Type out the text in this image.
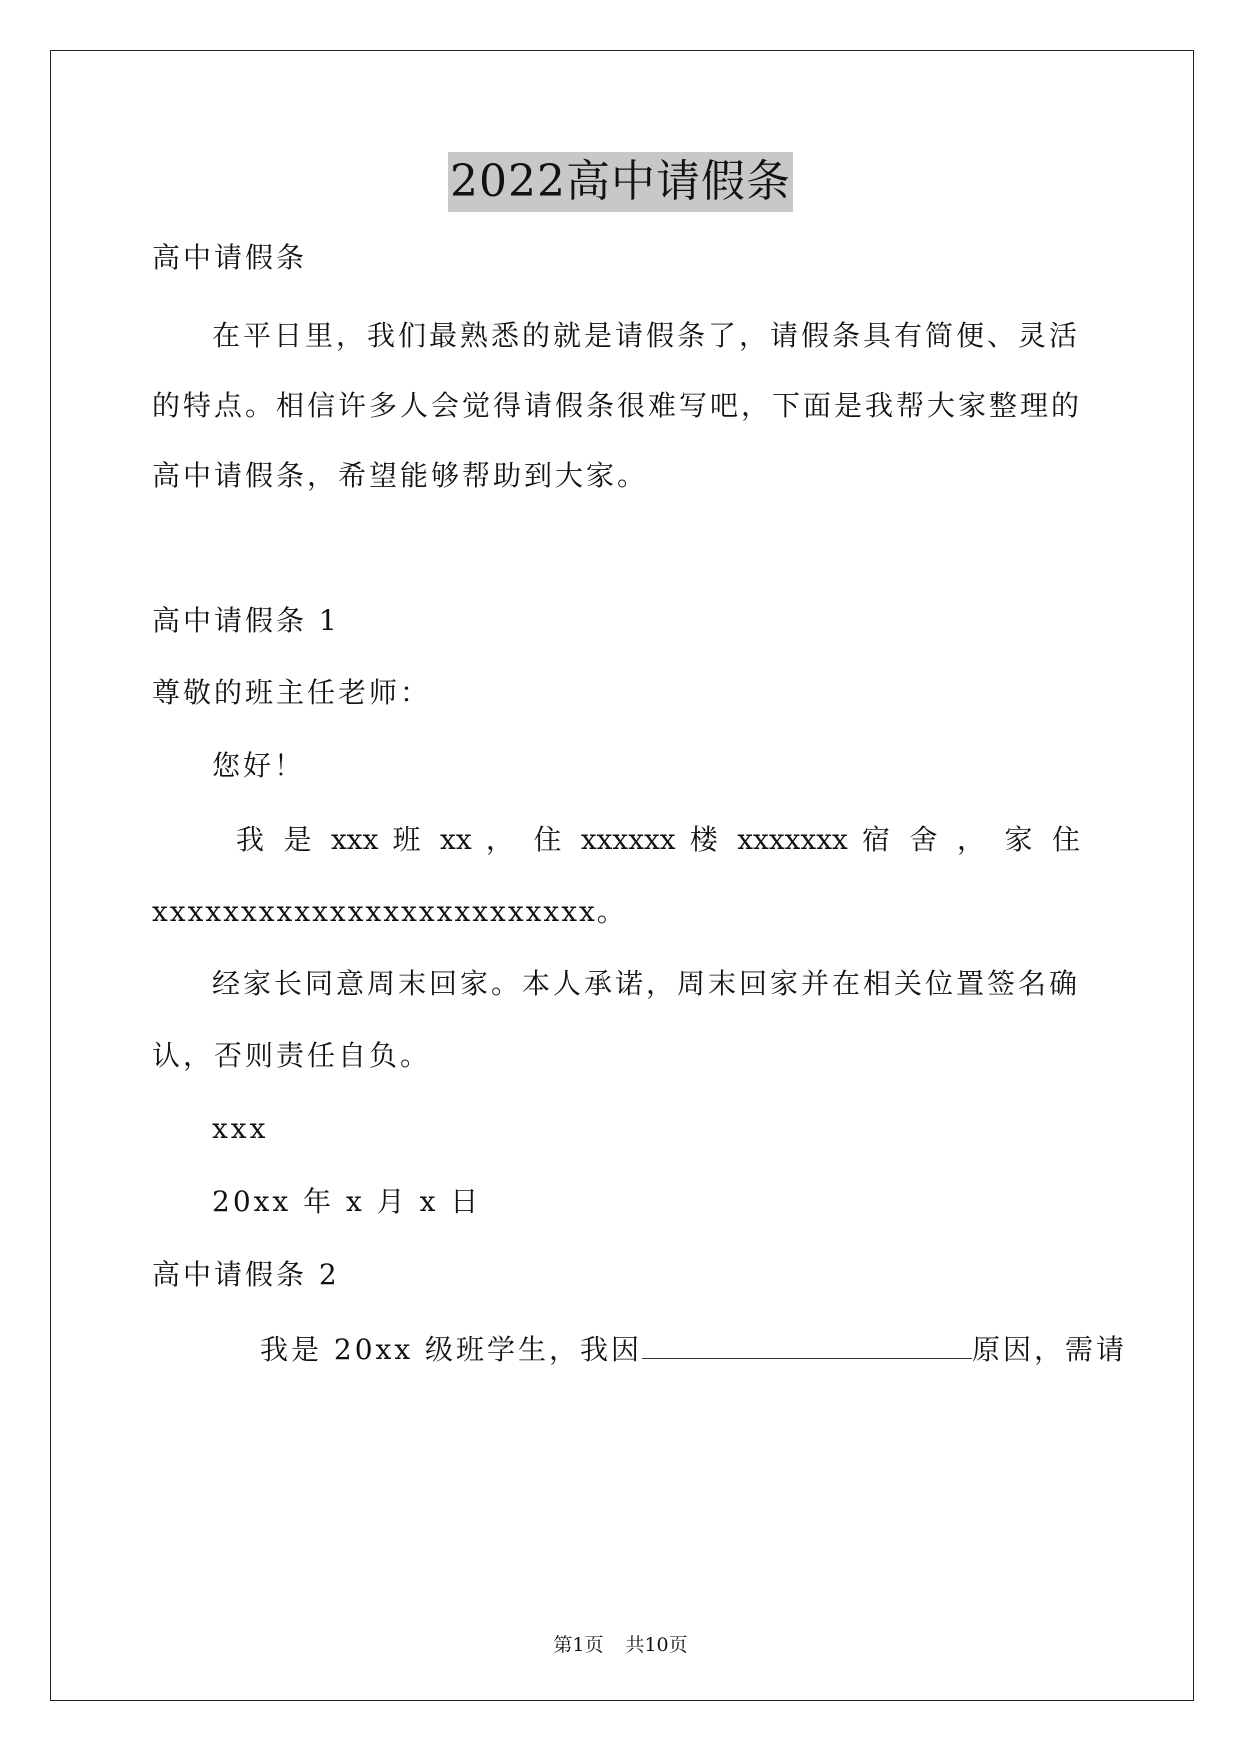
2022高中请假条
高中请假条
在平日里，我们最熟悉的就是请假条了，请假条具有简便、灵活
的特点。相信许多人会觉得请假条很难写吧，下面是我帮大家整理的
高中请假条，希望能够帮助到大家。
高中请假条 1
尊敬的班主任老师：
您好！
我 是 xxx 班 xx ， 住 xxxxxx 楼 xxxxxxx 宿 舍 ， 家 住
xxxxxxxxxxxxxxxxxxxxxxxxx。
经家长同意周末回家。本人承诺，周末回家并在相关位置签名确
认，否则责任自负。
xxx
20xx 年 x 月 x 日
高中请假条 2
我是 20xx 级班学生，我因	原因，需请
第1页 共10页
